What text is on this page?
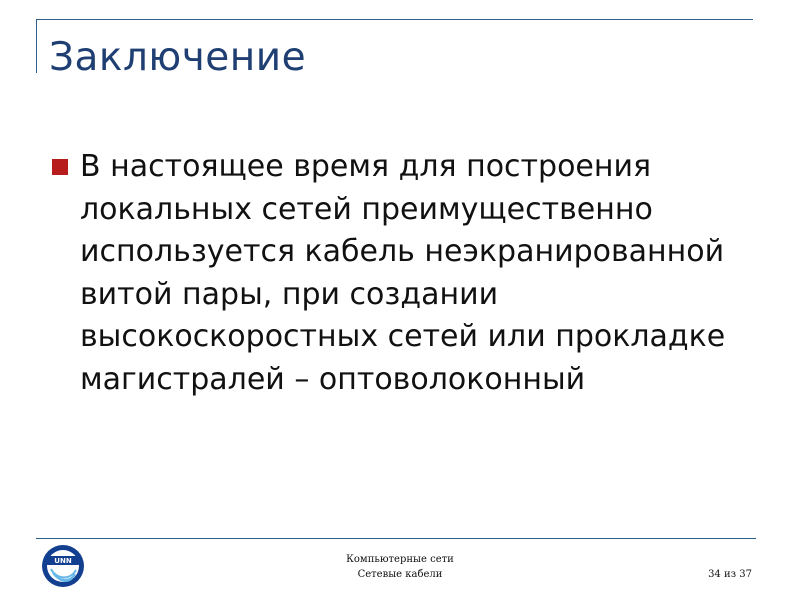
Заключение
В настоящее время для построения локальных сетей преимущественно используется кабель неэкранированной витой пары, при создании высокоскоростных сетей или прокладке магистралей – оптоволоконный
UNN	Компьютерные сети
Сетевые кабели	34 из 37
